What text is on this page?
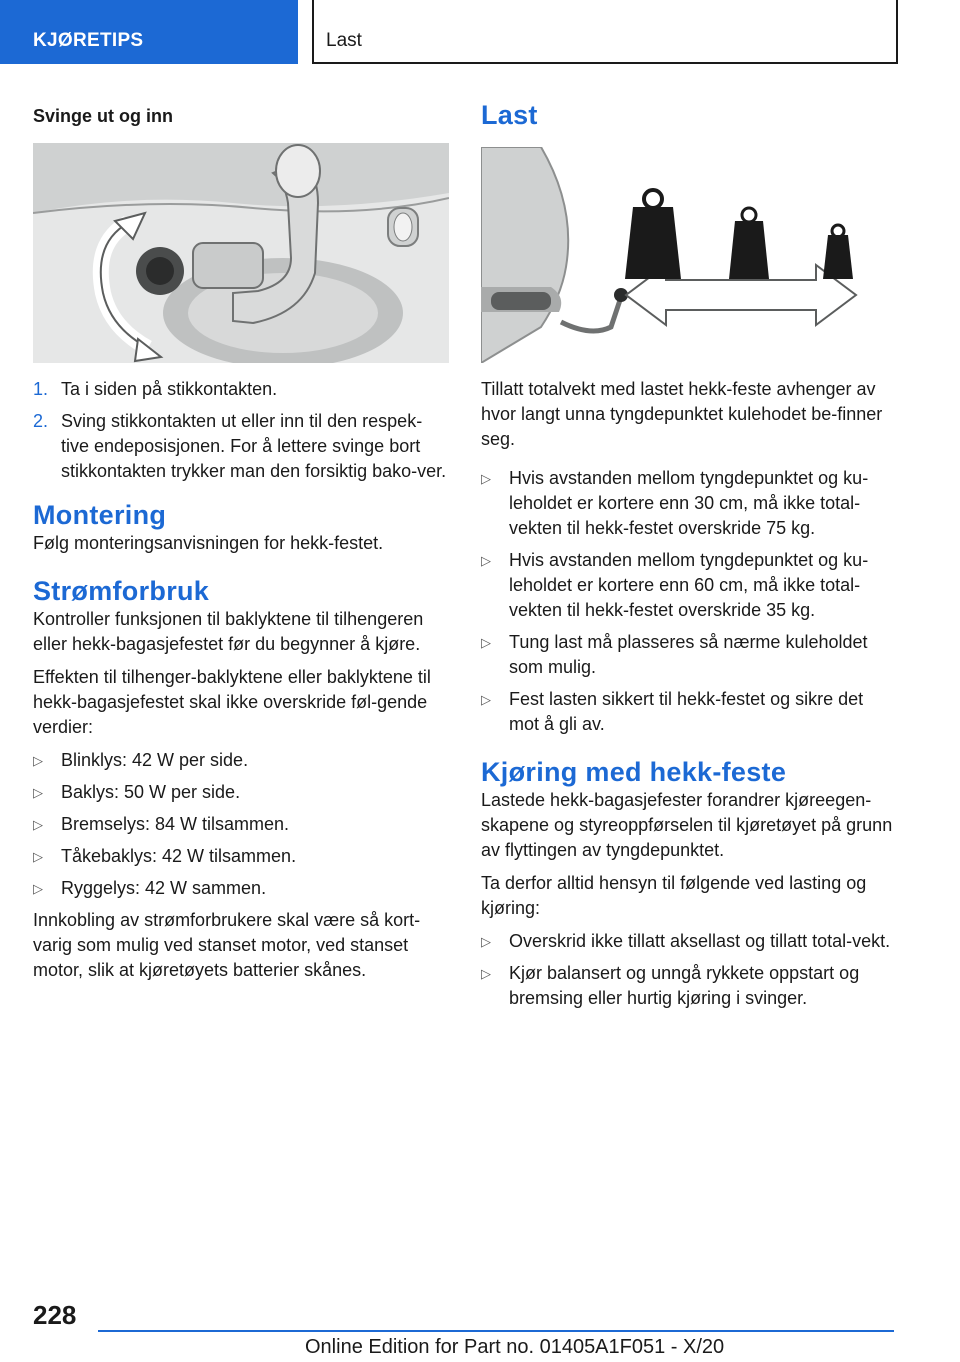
KJØRETIPS	Last
Svinge ut og inn
1. Ta i siden på stikkontakten.
2. Sving stikkontakten ut eller inn til den respek-tive endeposisjonen. For å lettere svinge bort stikkontakten trykker man den forsiktig bako-ver.
Montering

Følg monteringsanvisningen for hekk-festet.

Strømforbruk

Kontroller funksjonen til baklyktene til tilhengeren eller hekk-bagasjefestet før du begynner å kjøre.

Effekten til tilhenger-baklyktene eller baklyktene til hekk-bagasjefestet skal ikke overskride føl-gende verdier:

▷ Blinklys: 42 W per side.
▷ Baklys: 50 W per side.
▷ Bremselys: 84 W tilsammen.
▷ Tåkebaklys: 42 W tilsammen.
▷ Ryggelys: 42 W sammen.

Innkobling av strømforbrukere skal være så kort-varig som mulig ved stanset motor, ved stanset motor, slik at kjøretøyets batterier skånes.

Last

Tillatt totalvekt med lastet hekk-feste avhenger av hvor langt unna tyngdepunktet kulehodet be-finner seg.

▷ Hvis avstanden mellom tyngdepunktet og ku-leholdet er kortere enn 30 cm, må ikke total-vekten til hekk-festet overskride 75 kg.
▷ Hvis avstanden mellom tyngdepunktet og ku-leholdet er kortere enn 60 cm, må ikke total-vekten til hekk-festet overskride 35 kg.
▷ Tung last må plasseres så nærme kuleholdet som mulig.
▷ Fest lasten sikkert til hekk-festet og sikre det mot å gli av.
Kjøring med hekk-feste

Lastede hekk-bagasjefester forandrer kjøreegen-skapene og styreoppførselen til kjøretøyet på grunn av flyttingen av tyngdepunktet.

Ta derfor alltid hensyn til følgende ved lasting og kjøring:

▷ Overskrid ikke tillatt aksellast og tillatt total-vekt.
▷ Kjør balansert og unngå rykkete oppstart og bremsing eller hurtig kjøring i svinger.
228
Online Edition for Part no. 01405A1F051 - X/20
